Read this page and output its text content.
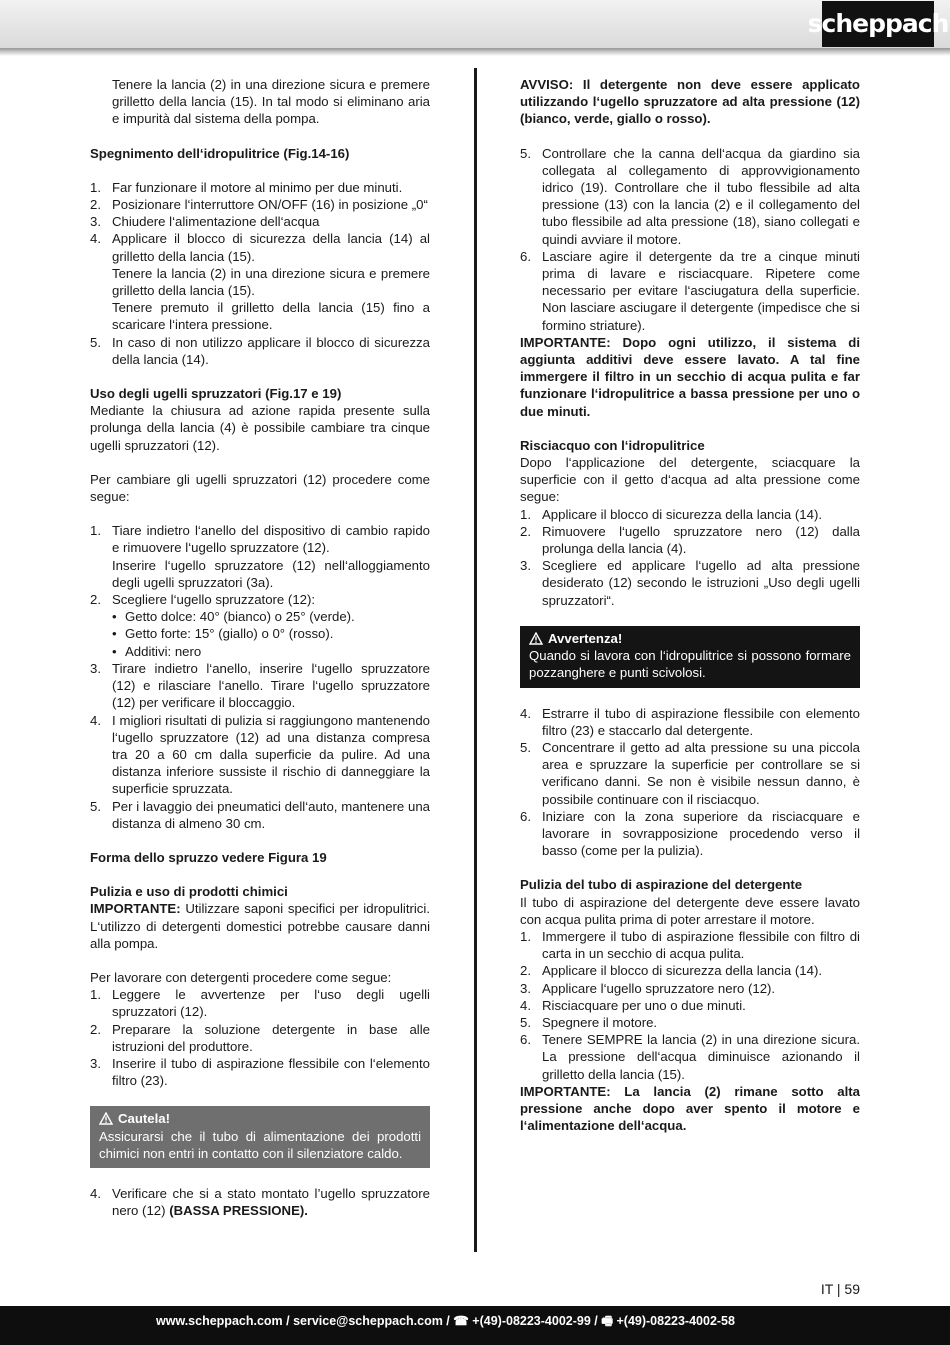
scheppach

Tenere la lancia (2) in una direzione sicura e premere grilletto della lancia (15). In tal modo si eliminano aria e impurità dal sistema della pompa.

Spegnimento dell‘idropulitrice (Fig.14-16)

1. Far funzionare il motore al minimo per due minuti.
2. Posizionare l‘interruttore ON/OFF (16) in posizione „0“
3. Chiudere l‘alimentazione dell‘acqua
4. Applicare il blocco di sicurezza della lancia (14) al grilletto della lancia (15).

Tenere la lancia (2) in una direzione sicura e premere grilletto della lancia (15).

Tenere premuto il grilletto della lancia (15) fino a scaricare l‘intera pressione.

5. In caso di non utilizzo applicare il blocco di sicurezza della lancia (14).

Uso degli ugelli spruzzatori (Fig.17 e 19)

Mediante la chiusura ad azione rapida presente sulla prolunga della lancia (4) è possibile cambiare tra cinque ugelli spruzzatori (12).

Per cambiare gli ugelli spruzzatori (12) procedere come segue:

1. Tiare indietro l‘anello del dispositivo di cambio rapido e rimuovere l‘ugello spruzzatore (12).

Inserire l‘ugello spruzzatore (12) nell‘alloggiamento degli ugelli spruzzatori (3a).

2. Scegliere l‘ugello spruzzatore (12):
• Getto dolce: 40° (bianco) o 25° (verde).
• Getto forte: 15° (giallo) o 0° (rosso).
• Additivi: nero
3. Tirare indietro l‘anello, inserire l‘ugello spruzzatore (12) e rilasciare l‘anello. Tirare l‘ugello spruzzatore (12) per verificare il bloccaggio.
4. I migliori risultati di pulizia si raggiungono mantenendo l‘ugello spruzzatore (12) ad una distanza compresa tra 20 a 60 cm dalla superficie da pulire. Ad una distanza inferiore sussiste il rischio di danneggiare la superficie spruzzata.
5. Per i lavaggio dei pneumatici dell‘auto, mantenere una distanza di almeno 30 cm.

Forma dello spruzzo vedere Figura 19

Pulizia e uso di prodotti chimici

IMPORTANTE: Utilizzare saponi specifici per idropulitrici. L‘utilizzo di detergenti domestici potrebbe causare danni alla pompa.

Per lavorare con detergenti procedere come segue:

1. Leggere le avvertenze per l‘uso degli ugelli spruzzatori (12).
2. Preparare la soluzione detergente in base alle istruzioni del produttore.
3. Inserire il tubo di aspirazione flessibile con l‘elemento filtro (23).
Cautela!

Assicurarsi che il tubo di alimentazione dei prodotti chimici non entri in contatto con il silenziatore caldo.

4. Verificare che si a stato montato l’ugello spruzzatore nero (12) (BASSA PRESSIONE).

AVVISO: Il detergente non deve essere applicato utilizzando l‘ugello spruzzatore ad alta pressione (12) (bianco, verde, giallo o rosso).

5. Controllare che la canna dell‘acqua da giardino sia collegata al collegamento di approvvigionamento idrico (19). Controllare che il tubo flessibile ad alta pressione (13) con la lancia (2) e il collegamento del tubo flessibile ad alta pressione (18), siano collegati e quindi avviare il motore.
6. Lasciare agire il detergente da tre a cinque minuti prima di lavare e risciacquare. Ripetere come necessario per evitare l‘asciugatura della superficie. Non lasciare asciugare il detergente (impedisce che si formino striature).

IMPORTANTE: Dopo ogni utilizzo, il sistema di aggiunta additivi deve essere lavato. A tal fine immergere il filtro in un secchio di acqua pulita e far funzionare l‘idropulitrice a bassa pressione per uno o due minuti.

Risciacquo con l‘idropulitrice

Dopo l‘applicazione del detergente, sciacquare la superficie con il getto d‘acqua ad alta pressione come segue:

1. Applicare il blocco di sicurezza della lancia (14).
2. Rimuovere l‘ugello spruzzatore nero (12) dalla prolunga della lancia (4).
3. Scegliere ed applicare l‘ugello ad alta pressione desiderato (12) secondo le istruzioni „Uso degli ugelli spruzzatori“.
Avvertenza!

Quando si lavora con l‘idropulitrice si possono formare pozzanghere e punti scivolosi.

4. Estrarre il tubo di aspirazione flessibile con elemento filtro (23) e staccarlo dal detergente.
5. Concentrare il getto ad alta pressione su una piccola area e spruzzare la superficie per controllare se si verificano danni. Se non è visibile nessun danno, è possibile continuare con il risciacquo.
6. Iniziare con la zona superiore da risciacquare e lavorare in sovrapposizione procedendo verso il basso (come per la pulizia).

Pulizia del tubo di aspirazione del detergente

Il tubo di aspirazione del detergente deve essere lavato con acqua pulita prima di poter arrestare il motore.

1. Immergere il tubo di aspirazione flessibile con filtro di carta in un secchio di acqua pulita.
2. Applicare il blocco di sicurezza della lancia (14).
3. Applicare l‘ugello spruzzatore nero (12).
4. Risciacquare per uno o due minuti.
5. Spegnere il motore.
6. Tenere SEMPRE la lancia (2) in una direzione sicura. La pressione dell‘acqua diminuisce azionando il grilletto della lancia (15).

IMPORTANTE: La lancia (2) rimane sotto alta pressione anche dopo aver spento il motore e l‘alimentazione dell‘acqua.

IT | 59
www.scheppach.com / service@scheppach.com / ☎ +(49)-08223-4002-99 / 🖷 +(49)-08223-4002-58
